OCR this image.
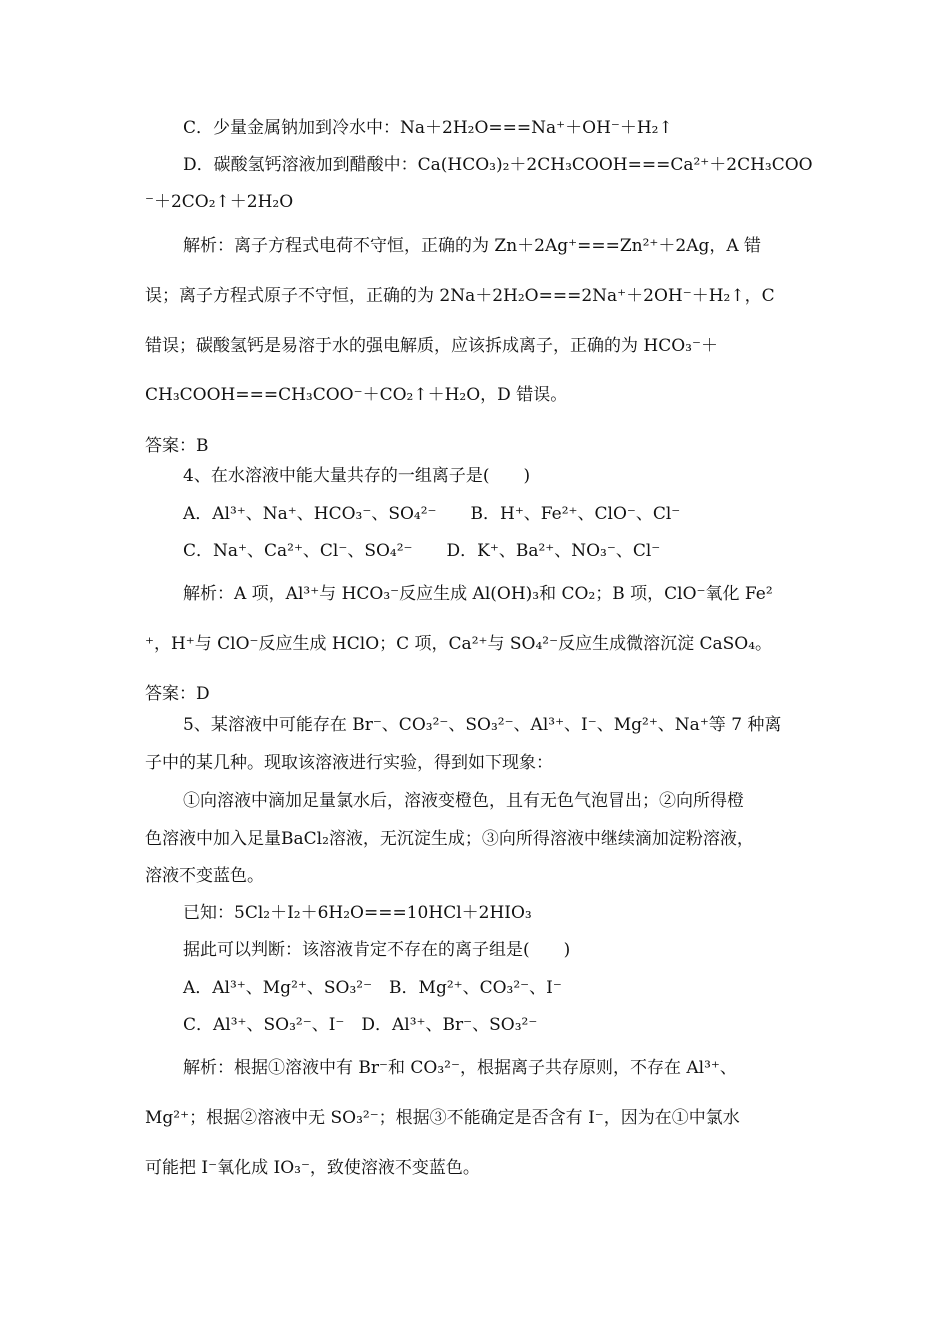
C．少量金属钠加到冷水中：Na＋2H₂O===Na⁺＋OH⁻＋H₂↑
D．碳酸氢钙溶液加到醋酸中：Ca(HCO₃)₂＋2CH₃COOH===Ca²⁺＋2CH₃COO
⁻＋2CO₂↑＋2H₂O
解析：离子方程式电荷不守恒，正确的为 Zn＋2Ag⁺===Zn²⁺＋2Ag，A 错
误；离子方程式原子不守恒，正确的为 2Na＋2H₂O===2Na⁺＋2OH⁻＋H₂↑，C
错误；碳酸氢钙是易溶于水的强电解质，应该拆成离子，正确的为 HCO₃⁻＋
CH₃COOH===CH₃COO⁻＋CO₂↑＋H₂O，D 错误。
答案：B
4、在水溶液中能大量共存的一组离子是(　　)
A．Al³⁺、Na⁺、HCO₃⁻、SO₄²⁻　　B．H⁺、Fe²⁺、ClO⁻、Cl⁻
C．Na⁺、Ca²⁺、Cl⁻、SO₄²⁻　　D．K⁺、Ba²⁺、NO₃⁻、Cl⁻
解析：A 项，Al³⁺与 HCO₃⁻反应生成 Al(OH)₃和 CO₂；B 项，ClO⁻氧化 Fe²
⁺，H⁺与 ClO⁻反应生成 HClO；C 项，Ca²⁺与 SO₄²⁻反应生成微溶沉淀 CaSO₄。
答案：D
5、某溶液中可能存在 Br⁻、CO₃²⁻、SO₃²⁻、Al³⁺、I⁻、Mg²⁺、Na⁺等 7 种离
子中的某几种。现取该溶液进行实验，得到如下现象：
①向溶液中滴加足量氯水后，溶液变橙色，且有无色气泡冒出；②向所得橙
色溶液中加入足量BaCl₂溶液，无沉淀生成；③向所得溶液中继续滴加淀粉溶液，
溶液不变蓝色。
已知：5Cl₂＋I₂＋6H₂O===10HCl＋2HIO₃
据此可以判断：该溶液肯定不存在的离子组是(　　)
A．Al³⁺、Mg²⁺、SO₃²⁻　B．Mg²⁺、CO₃²⁻、I⁻
C．Al³⁺、SO₃²⁻、I⁻　D．Al³⁺、Br⁻、SO₃²⁻
解析：根据①溶液中有 Br⁻和 CO₃²⁻，根据离子共存原则，不存在 Al³⁺、
Mg²⁺；根据②溶液中无 SO₃²⁻；根据③不能确定是否含有 I⁻，因为在①中氯水
可能把 I⁻氧化成 IO₃⁻，致使溶液不变蓝色。
